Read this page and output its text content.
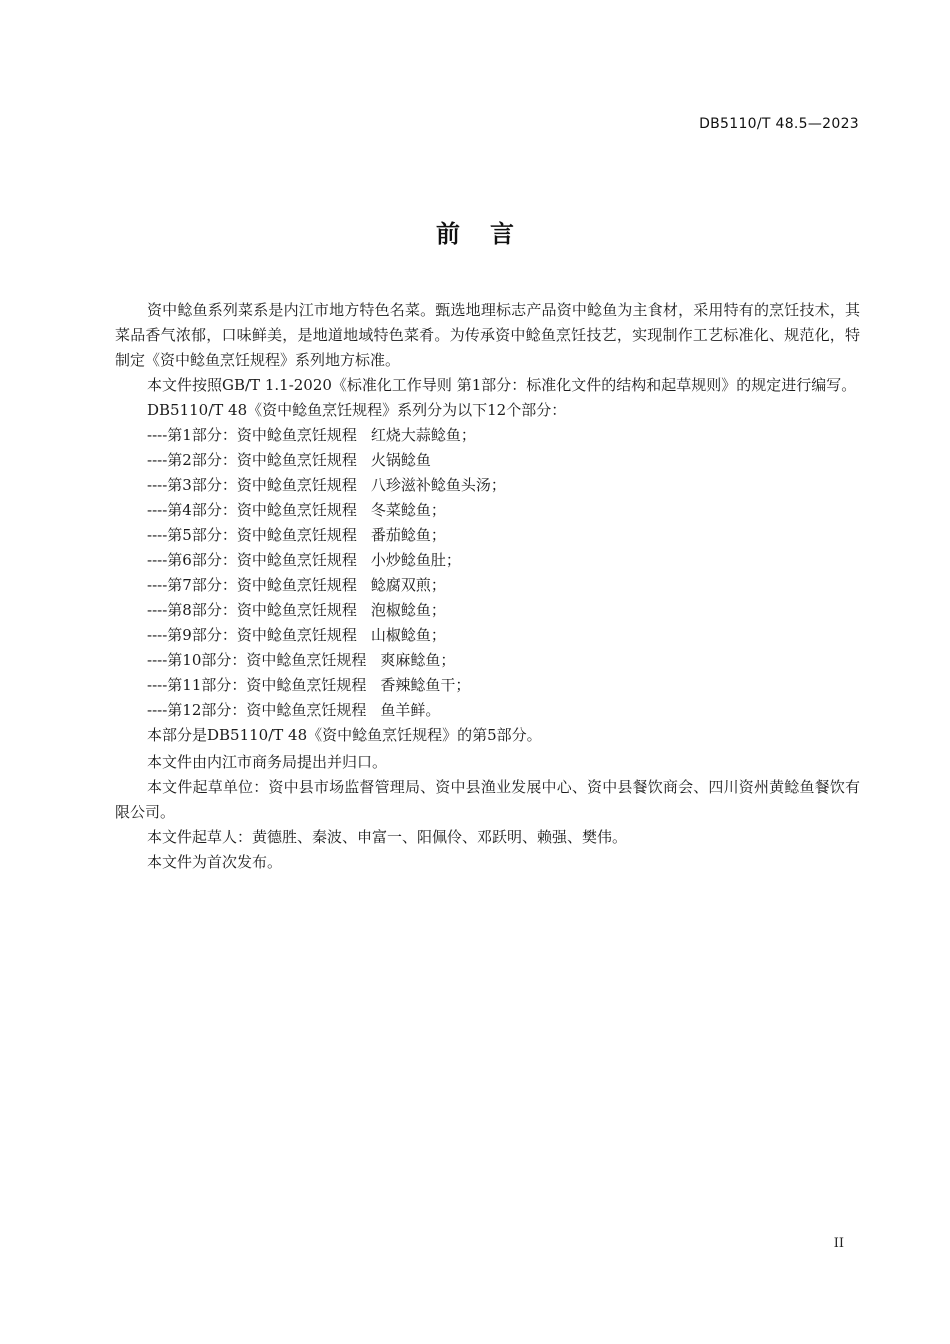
DB5110/T 48.5—2023
前 言

资中鲶鱼系列菜系是内江市地方特色名菜。甄选地理标志产品资中鲶鱼为主食材，采用特有的烹饪技术，其菜品香气浓郁，口味鲜美，是地道地域特色菜肴。为传承资中鲶鱼烹饪技艺，实现制作工艺标准化、规范化，特制定《资中鲶鱼烹饪规程》系列地方标准。

本文件按照GB/T 1.1-2020《标准化工作导则 第1部分：标准化文件的结构和起草规则》的规定进行编写。

DB5110/T 48《资中鲶鱼烹饪规程》系列分为以下12个部分：

----第1部分：资中鲶鱼烹饪规程 红烧大蒜鲶鱼；

----第2部分：资中鲶鱼烹饪规程 火锅鲶鱼

----第3部分：资中鲶鱼烹饪规程 八珍滋补鲶鱼头汤；

----第4部分：资中鲶鱼烹饪规程 冬菜鲶鱼；

----第5部分：资中鲶鱼烹饪规程 番茄鲶鱼；

----第6部分：资中鲶鱼烹饪规程 小炒鲶鱼肚；

----第7部分：资中鲶鱼烹饪规程 鲶腐双煎；

----第8部分：资中鲶鱼烹饪规程 泡椒鲶鱼；

----第9部分：资中鲶鱼烹饪规程 山椒鲶鱼；

----第10部分：资中鲶鱼烹饪规程 爽麻鲶鱼；

----第11部分：资中鲶鱼烹饪规程 香辣鲶鱼干；

----第12部分：资中鲶鱼烹饪规程 鱼羊鲜。

本部分是DB5110/T 48《资中鲶鱼烹饪规程》的第5部分。

本文件由内江市商务局提出并归口。

本文件起草单位：资中县市场监督管理局、资中县渔业发展中心、资中县餐饮商会、四川资州黄鲶鱼餐饮有限公司。

本文件起草人：黄德胜、秦波、申富一、阳佩伶、邓跃明、赖强、樊伟。

本文件为首次发布。

II
